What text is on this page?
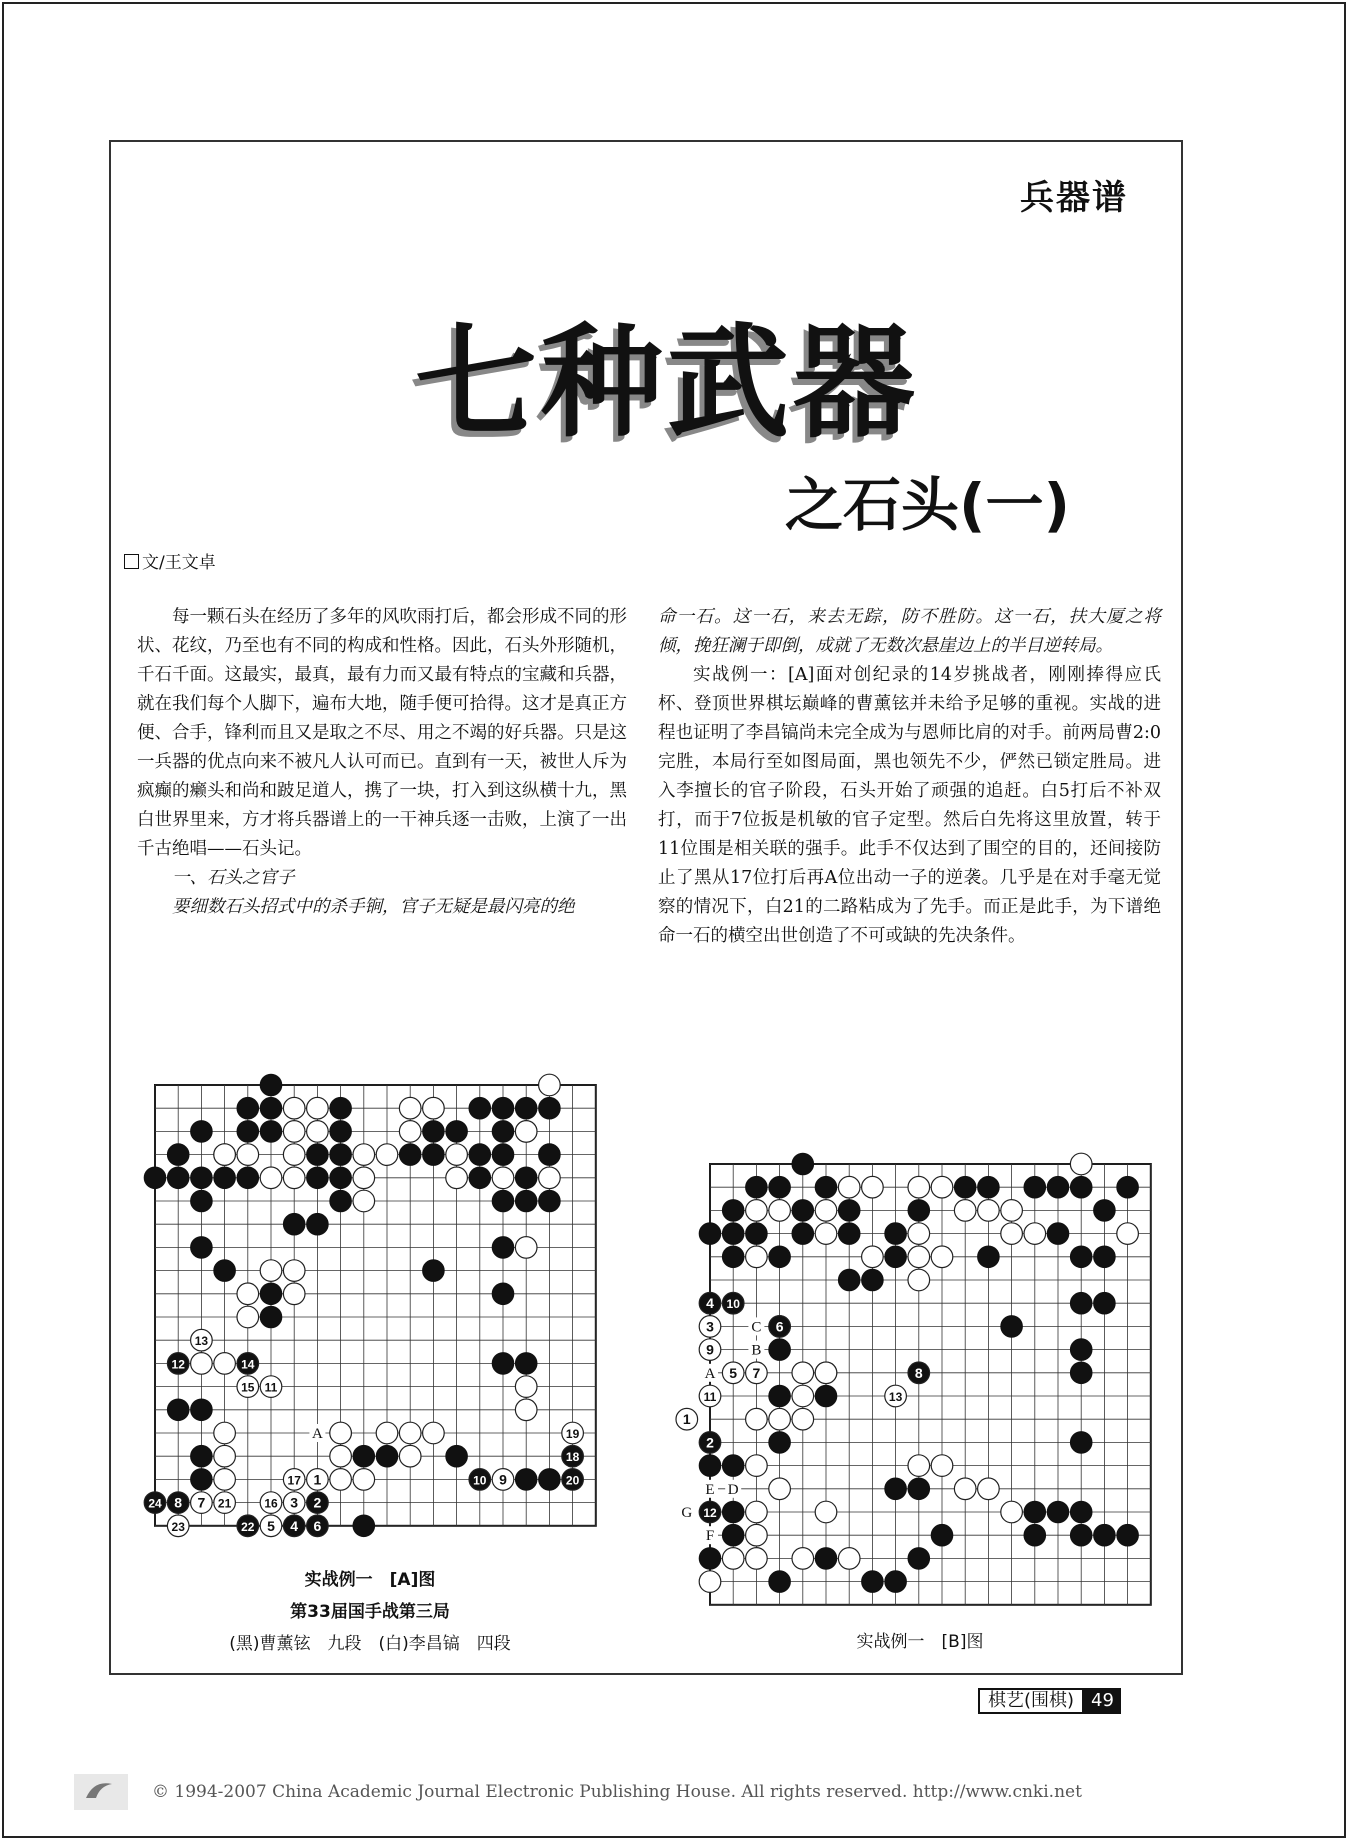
兵器谱
七种武器
之石头(一)
文/王文卓

每一颗石头在经历了多年的风吹雨打后，都会形成不同的形状、花纹，乃至也有不同的构成和性格。因此，石头外形随机，千石千面。这最实，最真，最有力而又最有特点的宝藏和兵器，就在我们每个人脚下，遍布大地，随手便可拾得。这才是真正方便、合手，锋利而且又是取之不尽、用之不竭的好兵器。只是这一兵器的优点向来不被凡人认可而已。直到有一天，被世人斥为疯癫的癞头和尚和跛足道人，携了一块，打入到这纵横十九，黑白世界里来，方才将兵器谱上的一干神兵逐一击败，上演了一出千古绝唱——石头记。

一、石头之官子

要细数石头招式中的杀手锏，官子无疑是最闪亮的绝

命一石。这一石，来去无踪，防不胜防。这一石，扶大厦之将倾，挽狂澜于即倒，成就了无数次悬崖边上的半目逆转局。

实战例一：[A]面对创纪录的14岁挑战者，刚刚捧得应氏杯、登顶世界棋坛巅峰的曹薰铉并未给予足够的重视。实战的进程也证明了李昌镐尚未完全成为与恩师比肩的对手。前两局曹2:0完胜，本局行至如图局面，黑也领先不少，俨然已锁定胜局。进入李擅长的官子阶段，石头开始了顽强的追赶。白5打后不补双打，而于7位扳是机敏的官子定型。然后白先将这里放置，转于11位围是相关联的强手。此手不仅达到了围空的目的，还间接防止了黑从17位打后再A位出动一子的逆袭。几乎是在对手毫无觉察的情况下，白21的二路粘成为了先手。而正是此手，为下谱绝命一石的横空出世创造了不可或缺的先决条件。

13
12	14
15 11
19
18
17 1	10 9	20
24 8 7 21	16 3 2
23	22 5 4 6
A
实战例一　[A]图
第33届国手战第三局
(黑)曹薰铉　九段　(白)李昌镐　四段
4 10
3	6
9
5 7	8
11	13
1
2
12
C
B
A
E D
G
F
实战例一　[B]图
棋艺(围棋) 49
© 1994-2007 China Academic Journal Electronic Publishing House. All rights reserved. http://www.cnki.net
